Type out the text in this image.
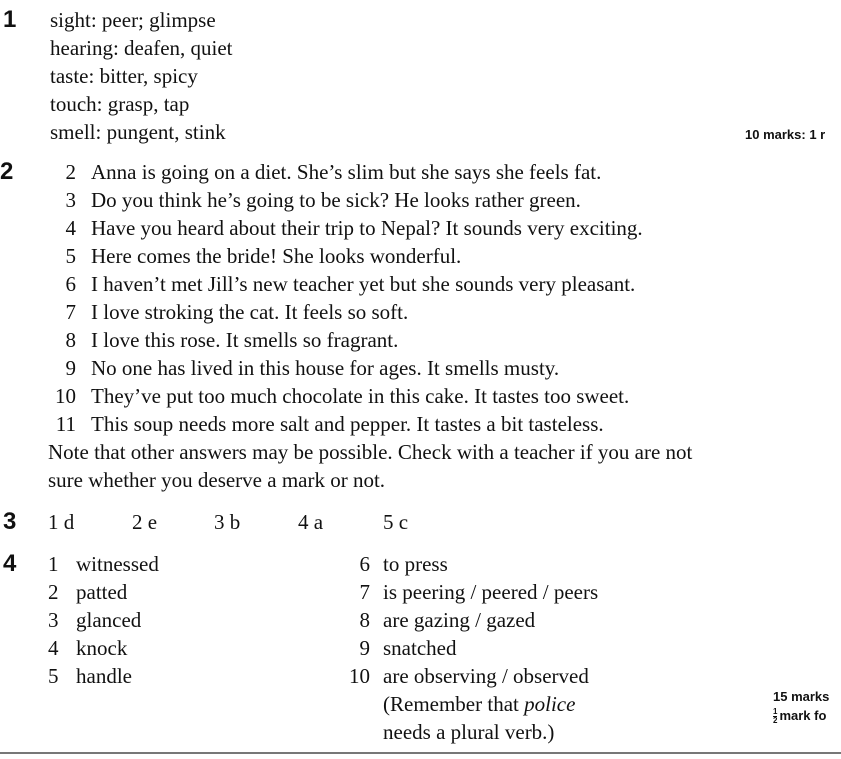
1 sight: peer; glimpse
hearing: deafen, quiet
taste: bitter, spicy
touch: grasp, tap
smell: pungent, stink	10 marks: 1 r
2	2 Anna is going on a diet. She’s slim but she says she feels fat.
3 Do you think he’s going to be sick? He looks rather green.
4 Have you heard about their trip to Nepal? It sounds very exciting.
5 Here comes the bride! She looks wonderful.
6 I haven’t met Jill’s new teacher yet but she sounds very pleasant.
7 I love stroking the cat. It feels so soft.
8 I love this rose. It smells so fragrant.
9 No one has lived in this house for ages. It smells musty.
10 They’ve put too much chocolate in this cake. It tastes too sweet.
11 This soup needs more salt and pepper. It tastes a bit tasteless.
Note that other answers may be possible. Check with a teacher if you are not
sure whether you deserve a mark or not.
3 1 d	2 e	3 b	4 a	5 c
4 1 witnessed
2 patted
3 glanced
4 knock
5 handle
6 to press
7 is peering / peered / peers
8 are gazing / gazed
9 snatched
10 are observing / observed
(Remember that police
needs a plural verb.)
15 marks
$\frac{1}{2}$ mark fo
